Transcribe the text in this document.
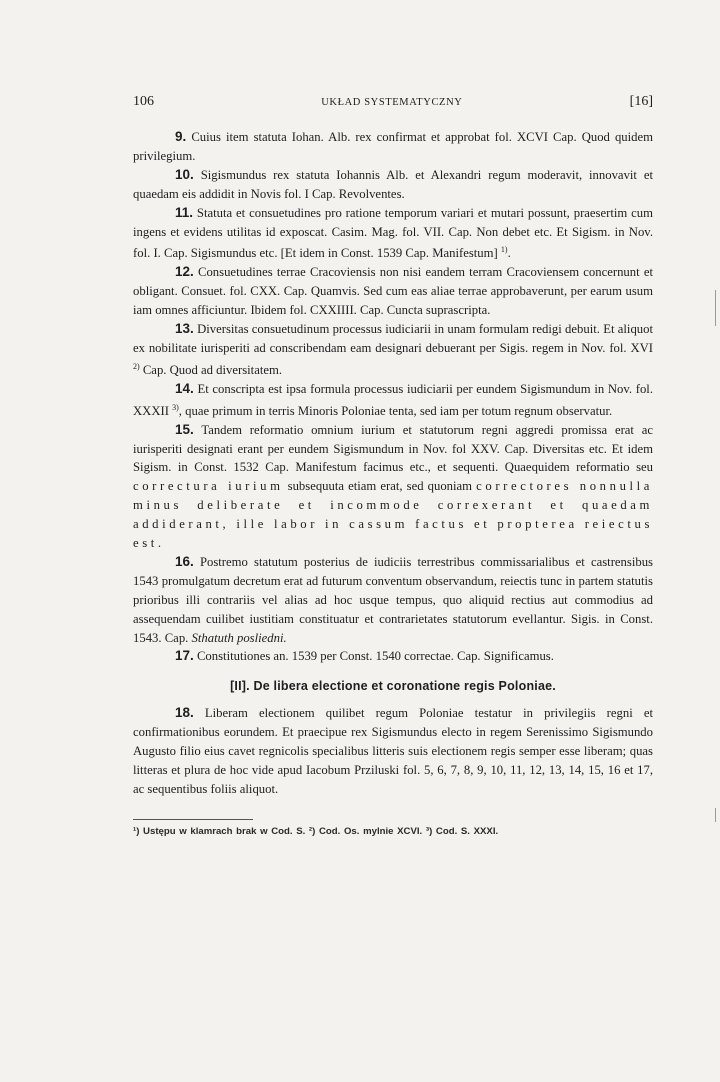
106	UKŁAD SYSTEMATYCZNY	[16]

9. Cuius item statuta Iohan. Alb. rex confirmat et approbat fol. XCVI Cap. Quod quidem privilegium.

10. Sigismundus rex statuta Iohannis Alb. et Alexandri regum moderavit, innovavit et quaedam eis addidit in Novis fol. I Cap. Revolventes.

11. Statuta et consuetudines pro ratione temporum variari et mutari possunt, praesertim cum ingens et evidens utilitas id exposcat. Casim. Mag. fol. VII. Cap. Non debet etc. Et Sigism. in Nov. fol. I. Cap. Sigismundus etc. [Et idem in Const. 1539 Cap. Manifestum] $^{1)}$.

12. Consuetudines terrae Cracoviensis non nisi eandem terram Cracoviensem concernunt et obligant. Consuet. fol. CXX. Cap. Quamvis. Sed cum eas aliae terrae approbaverunt, per earum usum iam omnes afficiuntur. Ibidem fol. CXXIIII. Cap. Cuncta suprascripta.

13. Diversitas consuetudinum processus iudiciarii in unam formulam redigi debuit. Et aliquot ex nobilitate iurisperiti ad conscribendam eam designari debuerant per Sigis. regem in Nov. fol. XVI $^{2)}$ Cap. Quod ad diversitatem.

14. Et conscripta est ipsa formula processus iudiciarii per eundem Sigismundum in Nov. fol. XXXII $^{3)}$, quae primum in terris Minoris Poloniae tenta, sed iam per totum regnum observatur.

15. Tandem reformatio omnium iurium et statutorum regni aggredi promissa erat ac iurisperiti designati erant per eundem Sigismundum in Nov. fol XXV. Cap. Diversitas etc. Et idem Sigism. in Const. 1532 Cap. Manifestum facimus etc., et sequenti. Quaequidem reformatio seu correctura iurium subsequuta etiam erat, sed quoniam correctores nonnulla minus deliberate et incommode correxerant et quaedam addiderant, ille labor in cassum factus et propterea reiectus est.

16. Postremo statutum posterius de iudiciis terrestribus commissarialibus et castrensibus 1543 promulgatum decretum erat ad futurum conventum observandum, reiectis tunc in partem statutis prioribus illi contrariis vel alias ad hoc usque tempus, quo aliquid rectius aut commodius ad assequendam cuilibet iustitiam constituatur et contrarietates statutorum evellantur. Sigis. in Const. 1543. Cap. Sthatuth posliedni.

17. Constitutiones an. 1539 per Const. 1540 correctae. Cap. Significamus.

[II]. De libera electione et coronatione regis Poloniae.

18. Liberam electionem quilibet regum Poloniae testatur in privilegiis regni et confirmationibus eorundem. Et praecipue rex Sigismundus electo in regem Serenissimo Sigismundo Augusto filio eius cavet regnicolis specialibus litteris suis electionem regis semper esse liberam; quas litteras et plura de hoc vide apud Iacobum Prziluski fol. 5, 6, 7, 8, 9, 10, 11, 12, 13, 14, 15, 16 et 17, ac sequentibus foliis aliquot.

¹) Ustępu w klamrach brak w Cod. S. ²) Cod. Os. mylnie XCVI. ³) Cod. S. XXXI.
